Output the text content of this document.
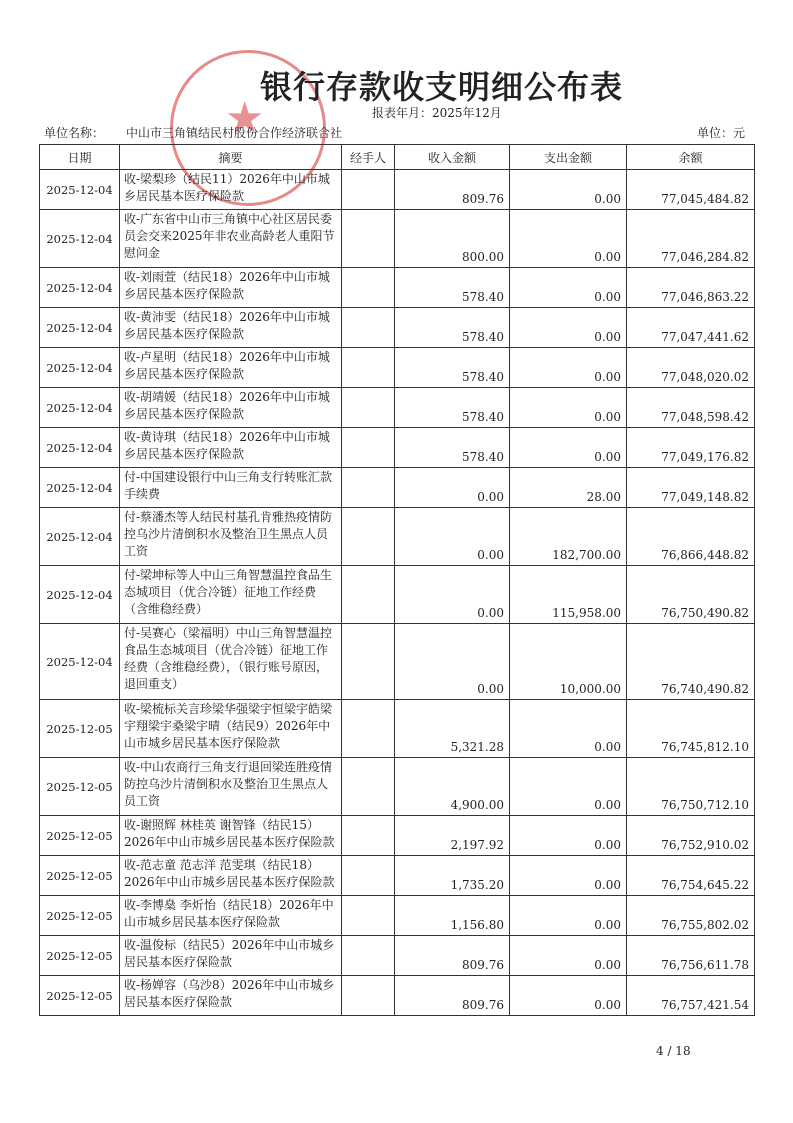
★
银行存款收支明细公布表
报表年月：2025年12月
单位名称： 中山市三角镇结民村股份合作经济联合社	单位：元
日期	摘要	经手人	收入金额	支出金额	余额
2025-12-04	收-梁梨珍（结民11）2026年中山市城乡居民基本医疗保险款		809.76	0.00	77,045,484.82
2025-12-04	收-广东省中山市三角镇中心社区居民委员会交来2025年非农业高龄老人重阳节慰问金		800.00	0.00	77,046,284.82
2025-12-04	收-刘雨萱（结民18）2026年中山市城乡居民基本医疗保险款		578.40	0.00	77,046,863.22
2025-12-04	收-黄沛雯（结民18）2026年中山市城乡居民基本医疗保险款		578.40	0.00	77,047,441.62
2025-12-04	收-卢星明（结民18）2026年中山市城乡居民基本医疗保险款		578.40	0.00	77,048,020.02
2025-12-04	收-胡靖媛（结民18）2026年中山市城乡居民基本医疗保险款		578.40	0.00	77,048,598.42
2025-12-04	收-黄诗琪（结民18）2026年中山市城乡居民基本医疗保险款		578.40	0.00	77,049,176.82
2025-12-04	付-中国建设银行中山三角支行转账汇款手续费		0.00	28.00	77,049,148.82
2025-12-04	付-蔡潘杰等人结民村基孔肯雅热疫情防控乌沙片清倒积水及整治卫生黑点人员工资		0.00	182,700.00	76,866,448.82
2025-12-04	付-梁坤标等人中山三角智慧温控食品生态城项目（优合冷链）征地工作经费（含维稳经费）		0.00	115,958.00	76,750,490.82
2025-12-04	付-吴赛心（梁福明）中山三角智慧温控食品生态城项目（优合冷链）征地工作经费（含维稳经费），（银行账号原因，退回重支）		0.00	10,000.00	76,740,490.82
2025-12-05	收-梁梳标关言珍梁华强梁宇恒梁宇皓梁宇翔梁宇桑梁宇晴（结民9）2026年中山市城乡居民基本医疗保险款		5,321.28	0.00	76,745,812.10
2025-12-05	收-中山农商行三角支行退回梁连胜疫情防控乌沙片清倒积水及整治卫生黑点人员工资		4,900.00	0.00	76,750,712.10
2025-12-05	收-谢照辉 林桂英 谢智锋（结民15）2026年中山市城乡居民基本医疗保险款		2,197.92	0.00	76,752,910.02
2025-12-05	收-范志童 范志洋 范雯琪（结民18）2026年中山市城乡居民基本医疗保险款		1,735.20	0.00	76,754,645.22
2025-12-05	收-李博燊 李炘怡（结民18）2026年中山市城乡居民基本医疗保险款		1,156.80	0.00	76,755,802.02
2025-12-05	收-温俊标（结民5）2026年中山市城乡居民基本医疗保险款		809.76	0.00	76,756,611.78
2025-12-05	收-杨婵容（乌沙8）2026年中山市城乡居民基本医疗保险款		809.76	0.00	76,757,421.54
4 / 18
